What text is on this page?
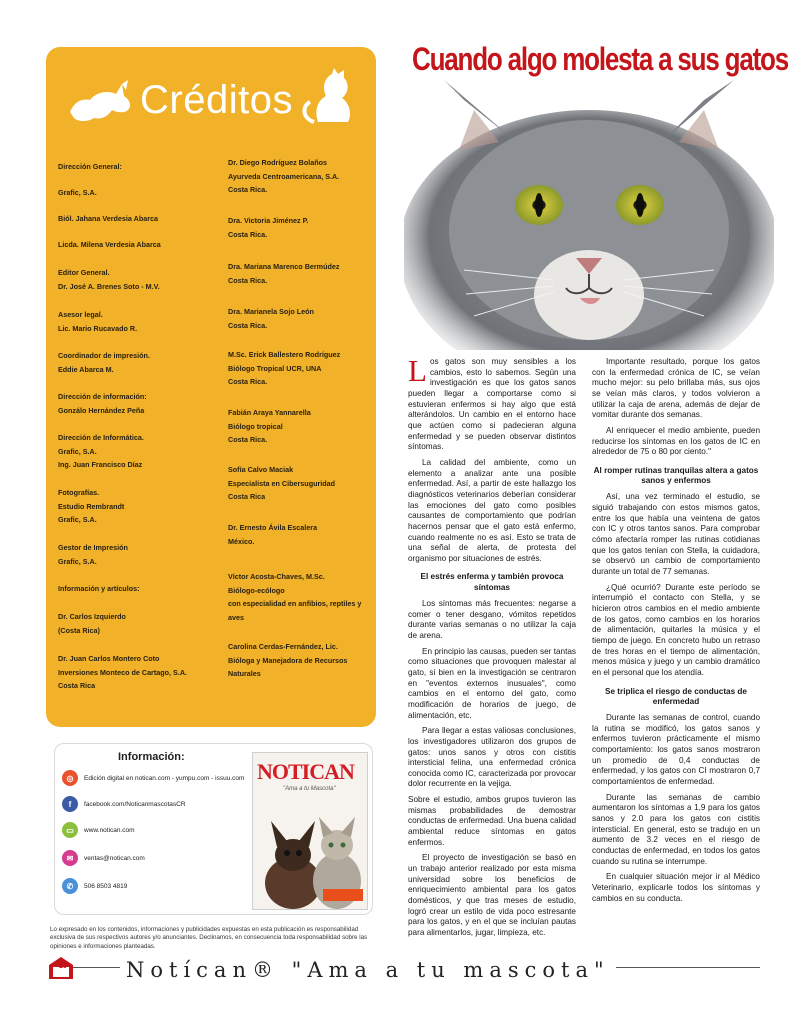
Créditos
Dirección General:
Grafic, S.A.
Biól. Jahana Verdesia Abarca
Licda. Milena Verdesia Abarca
Editor General.
Dr. José A. Brenes Soto - M.V.
Asesor legal.
Lic. Mario Rucavado R.
Coordinador de impresión.
Eddie Abarca M.
Dirección de información:
Gonzálo Hernández Peña
Dirección de Informática.
Grafic, S.A.
Ing. Juan Francisco Díaz
Fotografías.
Estudio Rembrandt
Grafic, S.A.
Gestor de Impresión
Grafic, S.A.
Información y artículos:
Dr. Carlos Izquierdo
(Costa Rica)
Dr. Juan Carlos Montero Coto
Inversiones Monteco de Cartago, S.A.
Costa Rica
Dr. Diego Rodríguez Bolaños
Ayurveda Centroamericana, S.A.
Costa Rica.
Dra. Victoria Jiménez P.
Costa Rica.
Dra. Mariana Marenco Bermúdez
Costa Rica.
Dra. Marianela Sojo León
Costa Rica.
M.Sc. Erick Ballestero Rodríguez
Biólogo Tropical UCR, UNA
Costa Rica.
Fabián Araya Yannarella
Biólogo tropical
Costa Rica.
Sofía Calvo Maciak
Especialista en Cibersuguridad
Costa Rica
Dr. Ernesto Ávila Escalera
México.
Víctor Acosta-Chaves, M.Sc.
Biólogo-ecólogo
con especialidad en anfibios, reptiles y aves
Carolina Cerdas-Fernández, Lic.
Bióloga y Manejadora de Recursos Naturales
Información:
◎	Edición digital en notican.com - yumpu.com - issuu.com
f	facebook.com/NoticanmascotasCR
▭	www.notican.com
✉	ventas@notican.com
✆	506 8503 4819
NOTICAN
"Ama a tu Mascota"
Lo expresado en los contenidos, informaciones y publicidades expuestas en esta publicación es responsabilidad exclusiva de sus respectivos autores y/o anunciantes. Declinamos, en consecuencia toda responsabilidad sobre las opiniones e informaciones planteadas.
20	Notícan® "Ama a tu mascota"
Cuando algo molesta a sus gatos

Los gatos son muy sensibles a los cambios, esto lo sabemos. Según una investigación es que los gatos sanos pueden llegar a comportarse como si estuvieran enfermos si hay algo que está alterándolos. Un cambio en el entorno hace que actúen como si padecieran alguna enfermedad y se pueden observar distintos síntomas.

La calidad del ambiente, como un elemento a analizar ante una posible enfermedad. Así, a partir de este hallazgo los diagnósticos veterinarios deberían considerar las emociones del gato como posibles causantes de comportamiento que podrían hacernos pensar que el gato está enfermo, cuando realmente no es así. Esto se trata de una señal de alerta, de protesta del organismo por situaciones de estrés.

El estrés enferma y también provoca síntomas

Los síntomas más frecuentes: negarse a comer o tener desgano, vómitos repetidos durante varias semanas o no utilizar la caja de arena.

En principio las causas, pueden ser tantas como situaciones que provoquen malestar al gato, si bien en la investigación se centraron en "eventos externos inusuales", como cambios en el entorno del gato, como modificación de horarios de juego, de alimentación, etc.

Para llegar a estas valiosas conclusiones, los investigadores utilizaron dos grupos de gatos: unos sanos y otros con cistitis intersticial felina, una enfermedad crónica conocida como IC, caracterizada por provocar dolor recurrente en la vejiga.

Sobre el estudio, ambos grupos tuvieron las mismas probabilidades de demostrar conductas de enfermedad. Una buena calidad ambiental reduce síntomas en gatos enfermos.

El proyecto de investigación se basó en un trabajo anterior realizado por esta misma universidad sobre los beneficios de enriquecimiento ambiental para los gatos domésticos, y que tras meses de estudio, logró crear un estilo de vida poco estresante para los gatos, y en el que se incluían pautas para alimentarlos, jugar, limpieza, etc.

Importante resultado, porque los gatos con la enfermedad crónica de IC, se veían mucho mejor: su pelo brillaba más, sus ojos se veían más claros, y todos volvieron a utilizar la caja de arena, además de dejar de vomitar durante dos semanas.

Al enriquecer el medio ambiente, pueden reducirse los síntomas en los gatos de IC en alrededor de 75 o 80 por ciento."

Al romper rutinas tranquilas altera a gatos sanos y enfermos

Así, una vez terminado el estudio, se siguió trabajando con estos mismos gatos, entre los que había una veintena de gatos con IC y otros tantos sanos. Para comprobar cómo afectaría romper las rutinas cotidianas que los gatos tenían con Stella, la cuidadora, se observó un cambio de comportamiento durante un total de 77 semanas.

¿Qué ocurrió? Durante este período se interrumpió el contacto con Stella, y se hicieron otros cambios en el medio ambiente de los gatos, como cambios en los horarios de alimentación, quitarles la música y el tiempo de juego. En concreto hubo un retraso de tres horas en el tiempo de alimentación, menos música y juego y un cambio dramático en el personal que los atendía.

Se triplica el riesgo de conductas de enfermedad

Durante las semanas de control, cuando la rutina se modificó, los gatos sanos y enfermos tuvieron prácticamente el mismo comportamiento: los gatos sanos mostraron un promedio de 0,4 conductas de enfermedad, y los gatos con CI mostraron 0,7 comportamientos de enfermedad.

Durante las semanas de cambio aumentaron los síntomas a 1,9 para los gatos sanos y 2.0 para los gatos con cistitis intersticial. En general, esto se tradujo en un aumento de 3.2 veces en el riesgo de conductas de enfermedad, en todos los gatos cuando su rutina se interrumpe.

En cualquier situación mejor ir al Médico Veterinario, explicarle todos los síntomas y cambios en su conducta.
